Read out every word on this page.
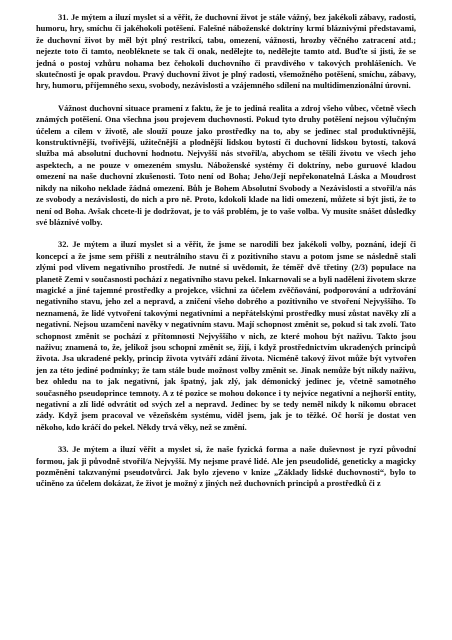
31. Je mýtem a iluzí myslet si a věřit, že duchovní život je stále vážný, bez jakékoli zábavy, radosti, humoru, hry, smíchu či jakéhokoli potěšení. Falešné náboženské doktríny krmí bláznivými představami, že duchovní život by měl být plný restrikcí, tabu, omezení, vážnosti, hrozby věčného zatracení atd.; nejezte toto či tamto, neobléknete se tak či onak, nedělejte to, nedělejte tamto atd. Buďte si jisti, že se jedná o postoj vzhůru nohama bez čehokoli duchovního či pravdivého v takových prohlášeních. Ve skutečnosti je opak pravdou. Pravý duchovní život je plný radosti, všemožného potěšení, smíchu, zábavy, hry, humoru, příjemného sexu, svobody, nezávislosti a vzájemného sdílení na multidimenzionální úrovni.

Vážnost duchovní situace pramení z faktu, že je to jediná realita a zdroj všeho vůbec, včetně všech známých potěšení. Ona všechna jsou projevem duchovnosti. Pokud tyto druhy potěšení nejsou výlučným účelem a cílem v životě, ale slouží pouze jako prostředky na to, aby se jedinec stal produktivnější, konstruktivnější, tvořivější, užitečnější a plodnější lidskou bytostí či duchovní lidskou bytostí, taková služba má absolutní duchovní hodnotu. Nejvyšší nás stvořil/a, abychom se těšili životu ve všech jeho aspektech, a ne pouze v omezeném smyslu. Náboženské systémy či doktríny, nebo guruové kladou omezení na naše duchovní zkušenosti. Toto není od Boha; Jeho/Její nepřekonatelná Láska a Moudrost nikdy na nikoho neklade žádná omezení. Bůh je Bohem Absolutní Svobody a Nezávislosti a stvořil/a nás ze svobody a nezávislosti, do nich a pro ně. Proto, kdokoli klade na lidi omezení, můžete si být jisti, že to není od Boha. Avšak chcete-li je dodržovat, je to váš problém, je to vaše volba. Vy musíte snášet důsledky své bláznivé volby.

32. Je mýtem a iluzí myslet si a věřit, že jsme se narodili bez jakékoli volby, poznání, idejí či koncepcí a že jsme sem přišli z neutrálního stavu či z pozitivního stavu a potom jsme se následně stali zlými pod vlivem negativního prostředí. Je nutné si uvědomit, že téměř dvě třetiny (2/3) populace na planetě Zemi v současnosti pochází z negativního stavu pekel. Inkarnovali se a byli naděleni životem skrze magické a jiné tajemné prostředky a projekce, všichni za účelem zvěčňování, podporování a udržování negativního stavu, jeho zel a nepravd, a zničení všeho dobrého a pozitivního ve stvoření Nejvyššího. To neznamená, že lidé vytvoření takovými negativními a nepřátelskými prostředky musí zůstat navěky zlí a negativní. Nejsou uzamčeni navěky v negativním stavu. Mají schopnost změnit se, pokud si tak zvolí. Tato schopnost změnit se pochází z přítomnosti Nejvyššího v nich, ze které mohou být naživu. Takto jsou naživu; znamená to, že, jelikož jsou schopni změnit se, žijí, i když prostřednictvím ukradených principů života. Jsa ukradené pekly, princip života vytváří zdání života. Nicméně takový život může být vytvořen jen za této jediné podmínky; že tam stále bude možnost volby změnit se. Jinak nemůže být nikdy naživu, bez ohledu na to jak negativní, jak špatný, jak zlý, jak démonický jedinec je, včetně samotného současného pseudoprince temnoty. A z té pozice se mohou dokonce i ty nejvíce negativní a nejhorší entity, negativní a zlí lidé odvrátit od svých zel a nepravd. Jedinec by se tedy neměl nikdy k nikomu obracet zády. Když jsem pracoval ve vězeňském systému, viděl jsem, jak je to těžké. Oč horší je dostat ven někoho, kdo kráčí do pekel. Někdy trvá věky, než se změní.

33. Je mýtem a iluzí věřit a myslet si, že naše fyzická forma a naše duševnost je ryzí původní formou, jak ji původně stvořil/a Nejvyšší. My nejsme pravé lidé. Ale jen pseudolidé, geneticky a magicky pozměnění takzvanými pseudotvůrci. Jak bylo zjeveno v knize „Základy lidské duchovnosti“, bylo to učiněno za účelem dokázat, že život je možný z jiných než duchovních principů a prostředků či z
